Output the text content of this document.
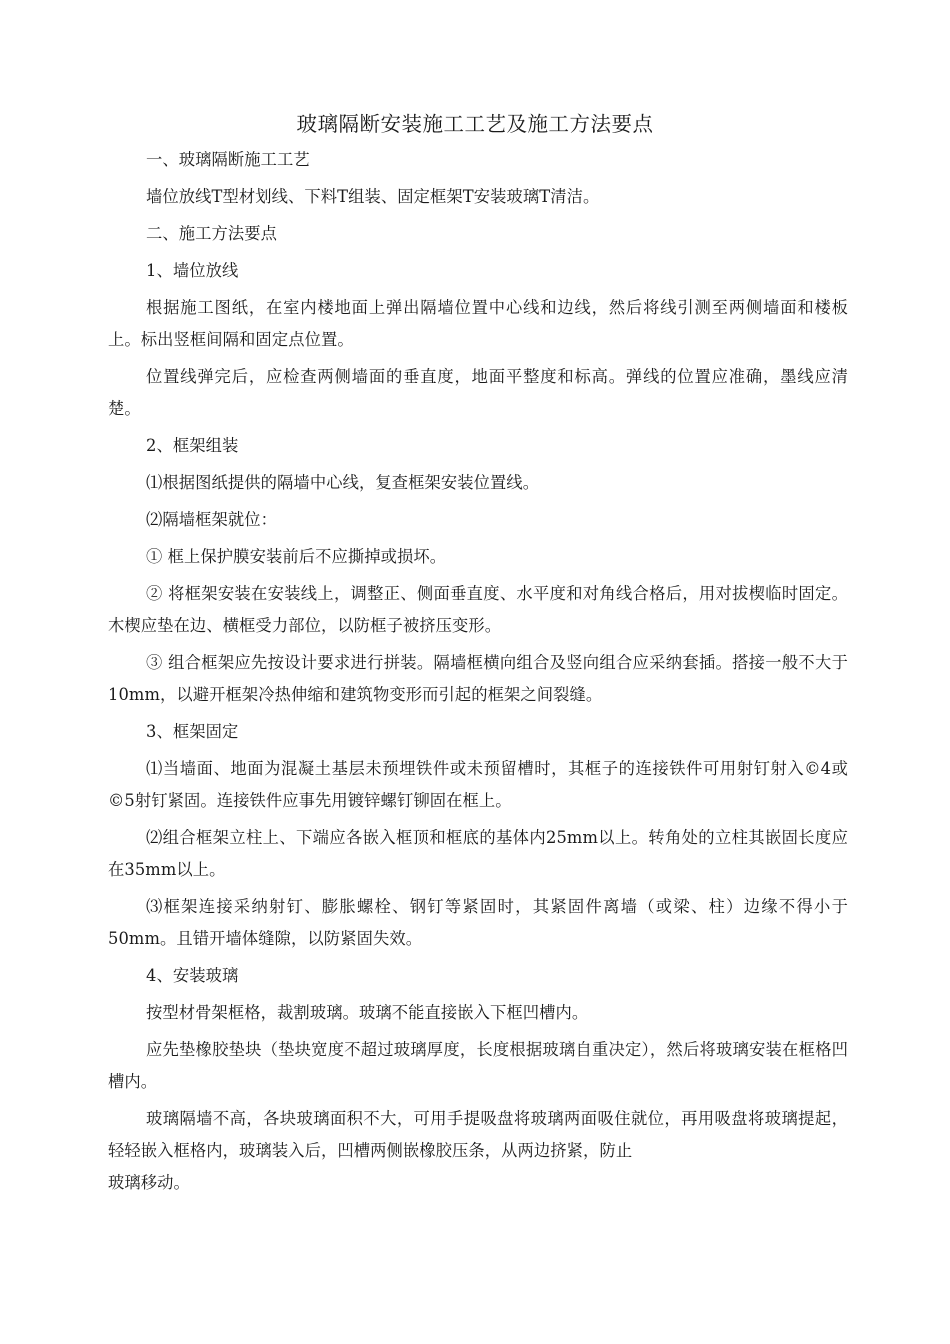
玻璃隔断安装施工工艺及施工方法要点

一、玻璃隔断施工工艺

墙位放线T型材划线、下料T组装、固定框架T安装玻璃T清洁。

二、施工方法要点

1、墙位放线

根据施工图纸，在室内楼地面上弹出隔墙位置中心线和边线，然后将线引测至两侧墙面和楼板上。标出竖框间隔和固定点位置。

位置线弹完后，应检查两侧墙面的垂直度，地面平整度和标高。弹线的位置应准确，墨线应清楚。

2、框架组装

⑴根据图纸提供的隔墙中心线，复查框架安装位置线。

⑵隔墙框架就位：

① 框上保护膜安装前后不应撕掉或损坏。

② 将框架安装在安装线上，调整正、侧面垂直度、水平度和对角线合格后，用对拔楔临时固定。木楔应垫在边、横框受力部位，以防框子被挤压变形。

③ 组合框架应先按设计要求进行拼装。隔墙框横向组合及竖向组合应采纳套插。搭接一般不大于10mm，以避开框架冷热伸缩和建筑物变形而引起的框架之间裂缝。

3、框架固定

⑴当墙面、地面为混凝土基层未预埋铁件或未预留槽时，其框子的连接铁件可用射钉射入©4或©5射钉紧固。连接铁件应事先用镀锌螺钉铆固在框上。

⑵组合框架立柱上、下端应各嵌入框顶和框底的基体内25mm以上。转角处的立柱其嵌固长度应在35mm以上。

⑶框架连接采纳射钉、膨胀螺栓、钢钉等紧固时，其紧固件离墙（或梁、柱）边缘不得小于50mm。且错开墙体缝隙，以防紧固失效。

4、安装玻璃

按型材骨架框格，裁割玻璃。玻璃不能直接嵌入下框凹槽内。

应先垫橡胶垫块（垫块宽度不超过玻璃厚度，长度根据玻璃自重决定），然后将玻璃安装在框格凹槽内。

玻璃隔墙不高，各块玻璃面积不大，可用手提吸盘将玻璃两面吸住就位，再用吸盘将玻璃提起，轻轻嵌入框格内，玻璃装入后，凹槽两侧嵌橡胶压条，从两边挤紧，防止

玻璃移动。
